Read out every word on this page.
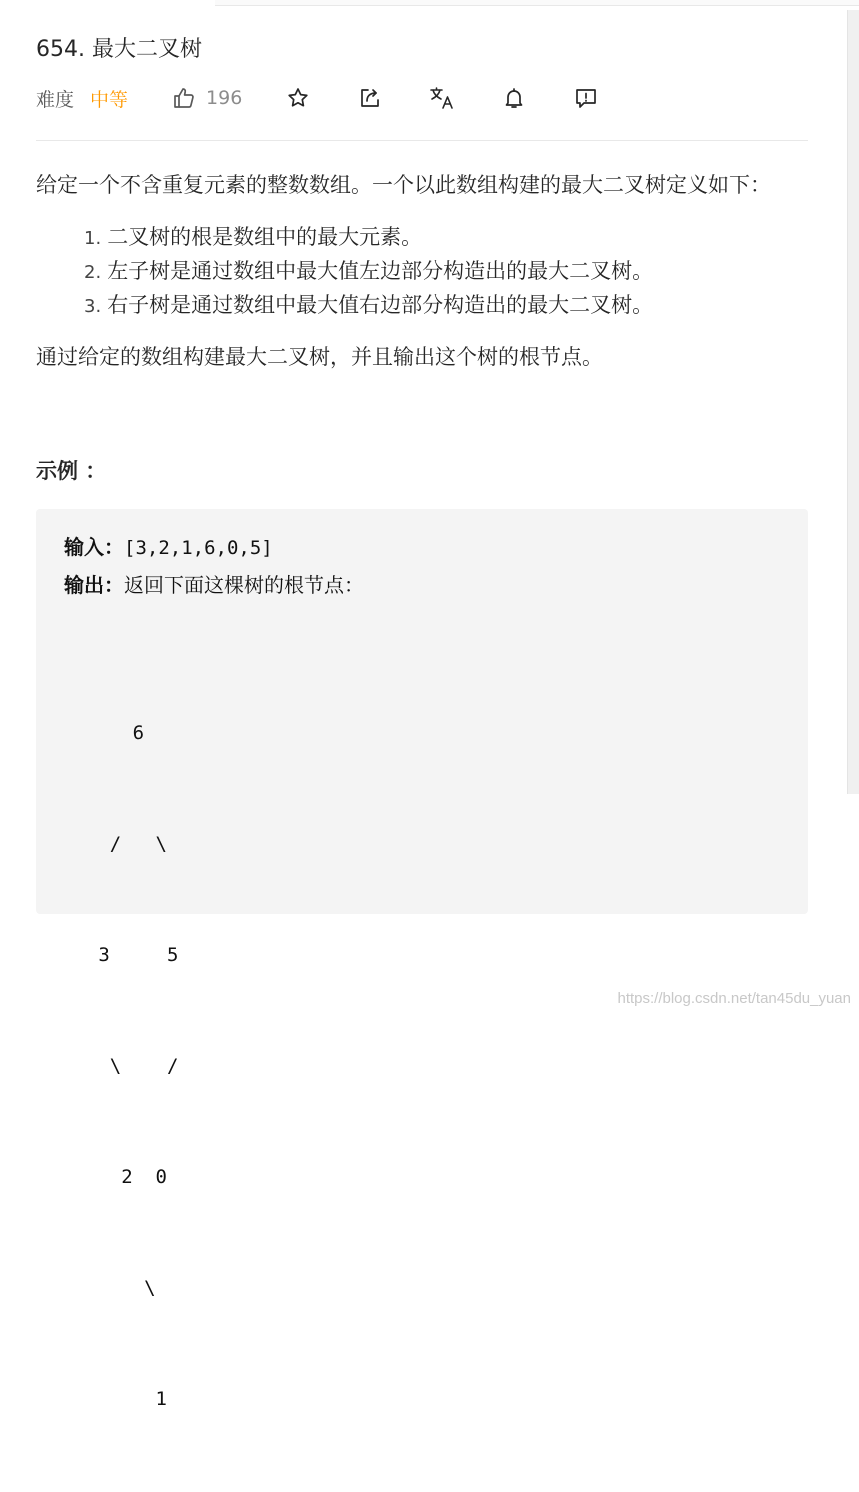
654. 最大二叉树
难度 中等	196

给定一个不含重复元素的整数数组。一个以此数组构建的最大二叉树定义如下：

1. 二叉树的根是数组中的最大元素。
2. 左子树是通过数组中最大值左边部分构造出的最大二叉树。
3. 右子树是通过数组中最大值右边部分构造出的最大二叉树。

通过给定的数组构建最大二叉树，并且输出这个树的根节点。

示例 ：
输入：[3,2,1,6,0,5]
输出：返回下面这棵树的根节点：

6

/   \

3     5

\    /

2  0

\

1

https://blog.csdn.net/tan45du_yuan
